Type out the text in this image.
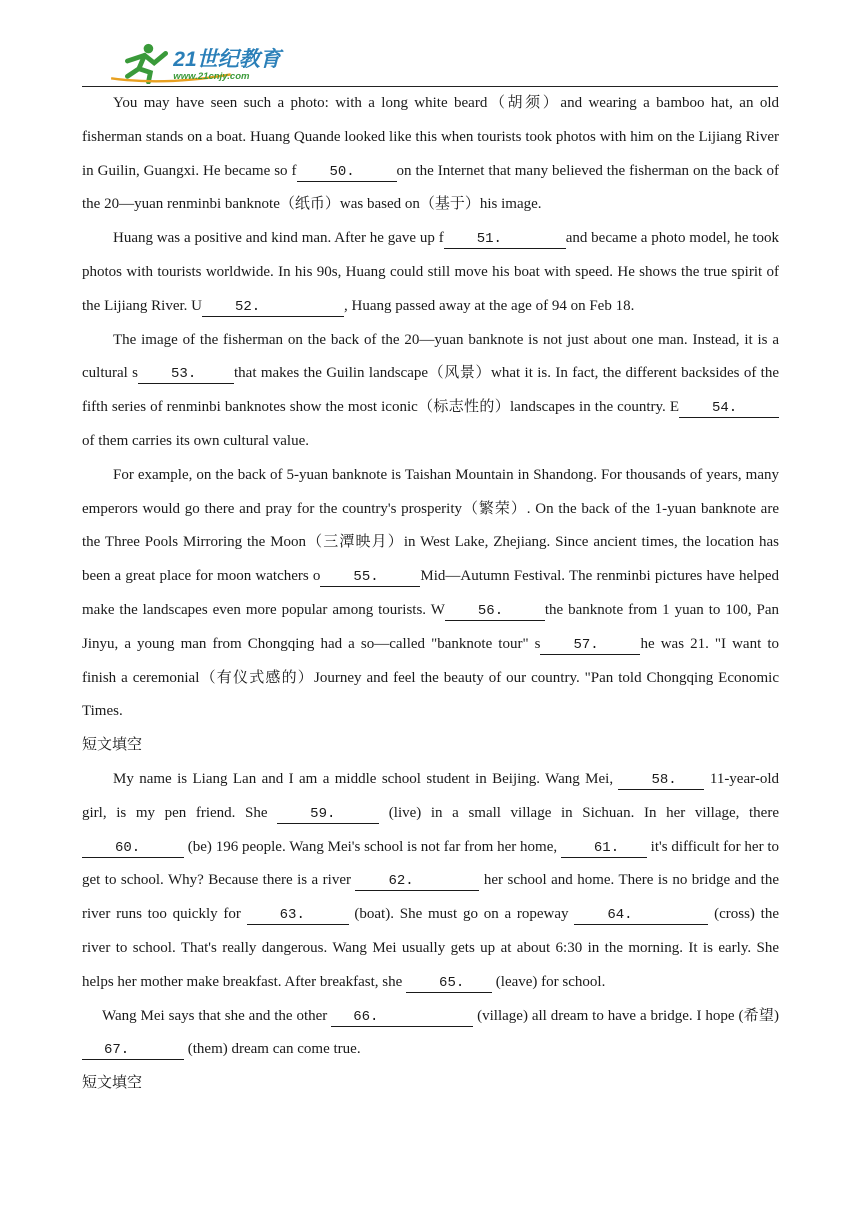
21世纪教育
www.21cnjy.com

You may have seen such a photo: with a long white beard（胡须）and wearing a bamboo hat, an old fisherman stands on a boat. Huang Quande looked like this when tourists took photos with him on the Lijiang River in Guilin, Guangxi. He became so f 50.	on the Internet that many believed the fisherman on the back of the 20—yuan renminbi banknote（纸币）was based on（基于）his image.

Huang was a positive and kind man. After he gave up f 51.	and became a photo model, he took photos with tourists worldwide. In his 90s, Huang could still move his boat with speed. He shows the true spirit of the Lijiang River. U 52.	, Huang passed away at the age of 94 on Feb 18.

The image of the fisherman on the back of the 20—yuan banknote is not just about one man. Instead, it is a cultural s 53.	that makes the Guilin landscape（风景）what it is. In fact, the different backsides of the fifth series of renminbi banknotes show the most iconic（标志性的）landscapes in the country. E 54.of them carries its own cultural value.

For example, on the back of 5-yuan banknote is Taishan Mountain in Shandong. For thousands of years, many emperors would go there and pray for the country's prosperity（繁荣）. On the back of the 1-yuan banknote are the Three Pools Mirroring the Moon（三潭映月）in West Lake, Zhejiang. Since ancient times, the location has been a great place for moon watchers o 55.	Mid—Autumn Festival. The renminbi pictures have helped make the landscapes even more popular among tourists. W 56.	the banknote from 1 yuan to 100, Pan Jinyu, a young man from Chongqing had a so—called "banknote tour" s 57.	he was 21. "I want to finish a ceremonial（有仪式感的）Journey and feel the beauty of our country. "Pan told Chongqing Economic Times.

短文填空

My name is Liang Lan and I am a middle school student in Beijing. Wang Mei, 58. 11-year-old girl, is my pen friend. She 59.	(live) in a small village in Sichuan. In her village, there 60.	(be) 196 people. Wang Mei's school is not far from her home, 61. it's difficult for her to get to school. Why? Because there is a river 62.	her school and home. There is no bridge and the river runs too quickly for 63.	(boat). She must go on a ropeway 64.	(cross) the river to school. That's really dangerous. Wang Mei usually gets up at about 6:30 in the morning. It is early. She helps her mother make breakfast. After breakfast, she 65. (leave) for school.

Wang Mei says that she and the other 66.	(village) all dream to have a bridge. I hope (希望) 67.	(them) dream can come true.

短文填空
